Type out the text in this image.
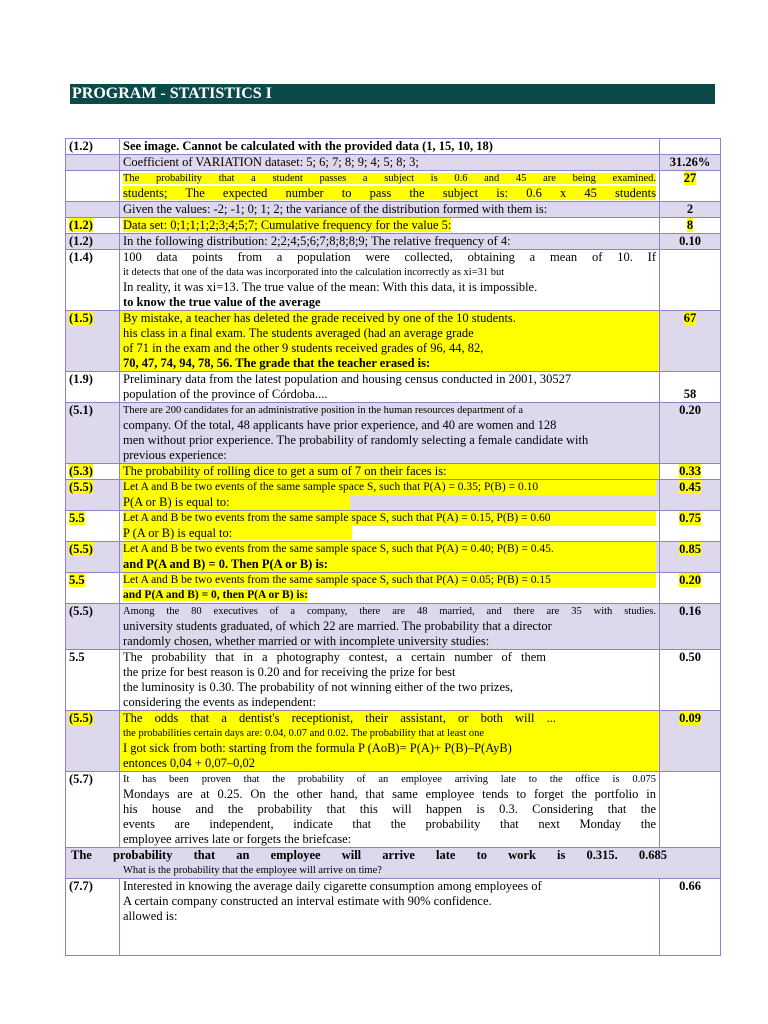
PROGRAM - STATISTICS I
(1.2)	See image. Cannot be calculated with the provided data (1, 15, 10, 18)	
	Coefficient of VARIATION dataset: 5; 6; 7; 8; 9; 4; 5; 8; 3;	31.26%

	The probability that a student passes a subject is 0.6 and 45 are being examined.
students; The expected number to pass the subject is: 0.6 x 45 students	27
	Given the values: -2; -1; 0; 1; 2; the variance of the distribution formed with them is:	2
(1.2)	Data set: 0;1;1;1;2;3;4;5;7; Cumulative frequency for the value 5:	8
(1.2)	In the following distribution: 2;2;4;5;6;7;8;8;8;9; The relative frequency of 4:	0.10
(1.4)	100 data points from a population were collected, obtaining a mean of 10. If
it detects that one of the data was incorporated into the calculation incorrectly as xi=31 but
In reality, it was xi=13. The true value of the mean: With this data, it is impossible.
to know the true value of the average	

(1.5)	By mistake, a teacher has deleted the grade received by one of the 10 students.
his class in a final exam. The students averaged (had an average grade
of 71 in the exam and the other 9 students received grades of 96, 44, 82,
70, 47, 74, 94, 78, 56. The grade that the teacher erased is:	67
(1.9)	Preliminary data from the latest population and housing census conducted in 2001, 30527
population of the province of Córdoba....	58
(5.1)	There are 200 candidates for an administrative position in the human resources department of a
company. Of the total, 48 applicants have prior experience, and 40 are women and 128
men without prior experience. The probability of randomly selecting a female candidate with
previous experience:	0.20
(5.3)	The probability of rolling dice to get a sum of 7 on their faces is:	0.33
(5.5)	Let A and B be two events of the same sample space S, such that P(A) = 0.35; P(B) = 0.10
P(A or B) is equal to:	0.45
5.5	Let A and B be two events from the same sample space S, such that P(A) = 0.15, P(B) = 0.60
P (A or B) is equal to:	0.75
(5.5)	Let A and B be two events from the same sample space S, such that P(A) = 0.40; P(B) = 0.45.
and P(A and B) = 0. Then P(A or B) is:	0.85
5.5	Let A and B be two events from the same sample space S, such that P(A) = 0.05; P(B) = 0.15
and P(A and B) = 0, then P(A or B) is:	0.20
(5.5)	Among the 80 executives of a company, there are 48 married, and there are 35 with studies.
university students graduated, of which 22 are married. The probability that a director
randomly chosen, whether married or with incomplete university studies:	0.16
5.5	The probability that in a photography contest, a certain number of them
the prize for best reason is 0.20 and for receiving the prize for best
the luminosity is 0.30. The probability of not winning either of the two prizes,
considering the events as independent:	0.50
(5.5)	The odds that a dentist's receptionist, their assistant, or both will ...
the probabilities certain days are: 0.04, 0.07 and 0.02. The probability that at least one
I got sick from both: starting from the formula P (AoB)= P(A)+ P(B)–P(AyB)
entonces 0,04 + 0,07–0,02	0.09
(5.7)	It has been proven that the probability of an employee arriving late to the office is 0.075
Mondays are at 0.25. On the other hand, that same employee tends to forget the portfolio in
his house and the probability that this will happen is 0.3. Considering that the
events are independent, indicate that the probability that next Monday the
employee arrives late or forgets the briefcase:	

The probability that an employee will arrive late to work is 0.315. 0.685
What is the probability that the employee will arrive on time?		

(7.7)	Interested in knowing the average daily cigarette consumption among employees of
A certain company constructed an interval estimate with 90% confidence.
allowed is:	0.66
